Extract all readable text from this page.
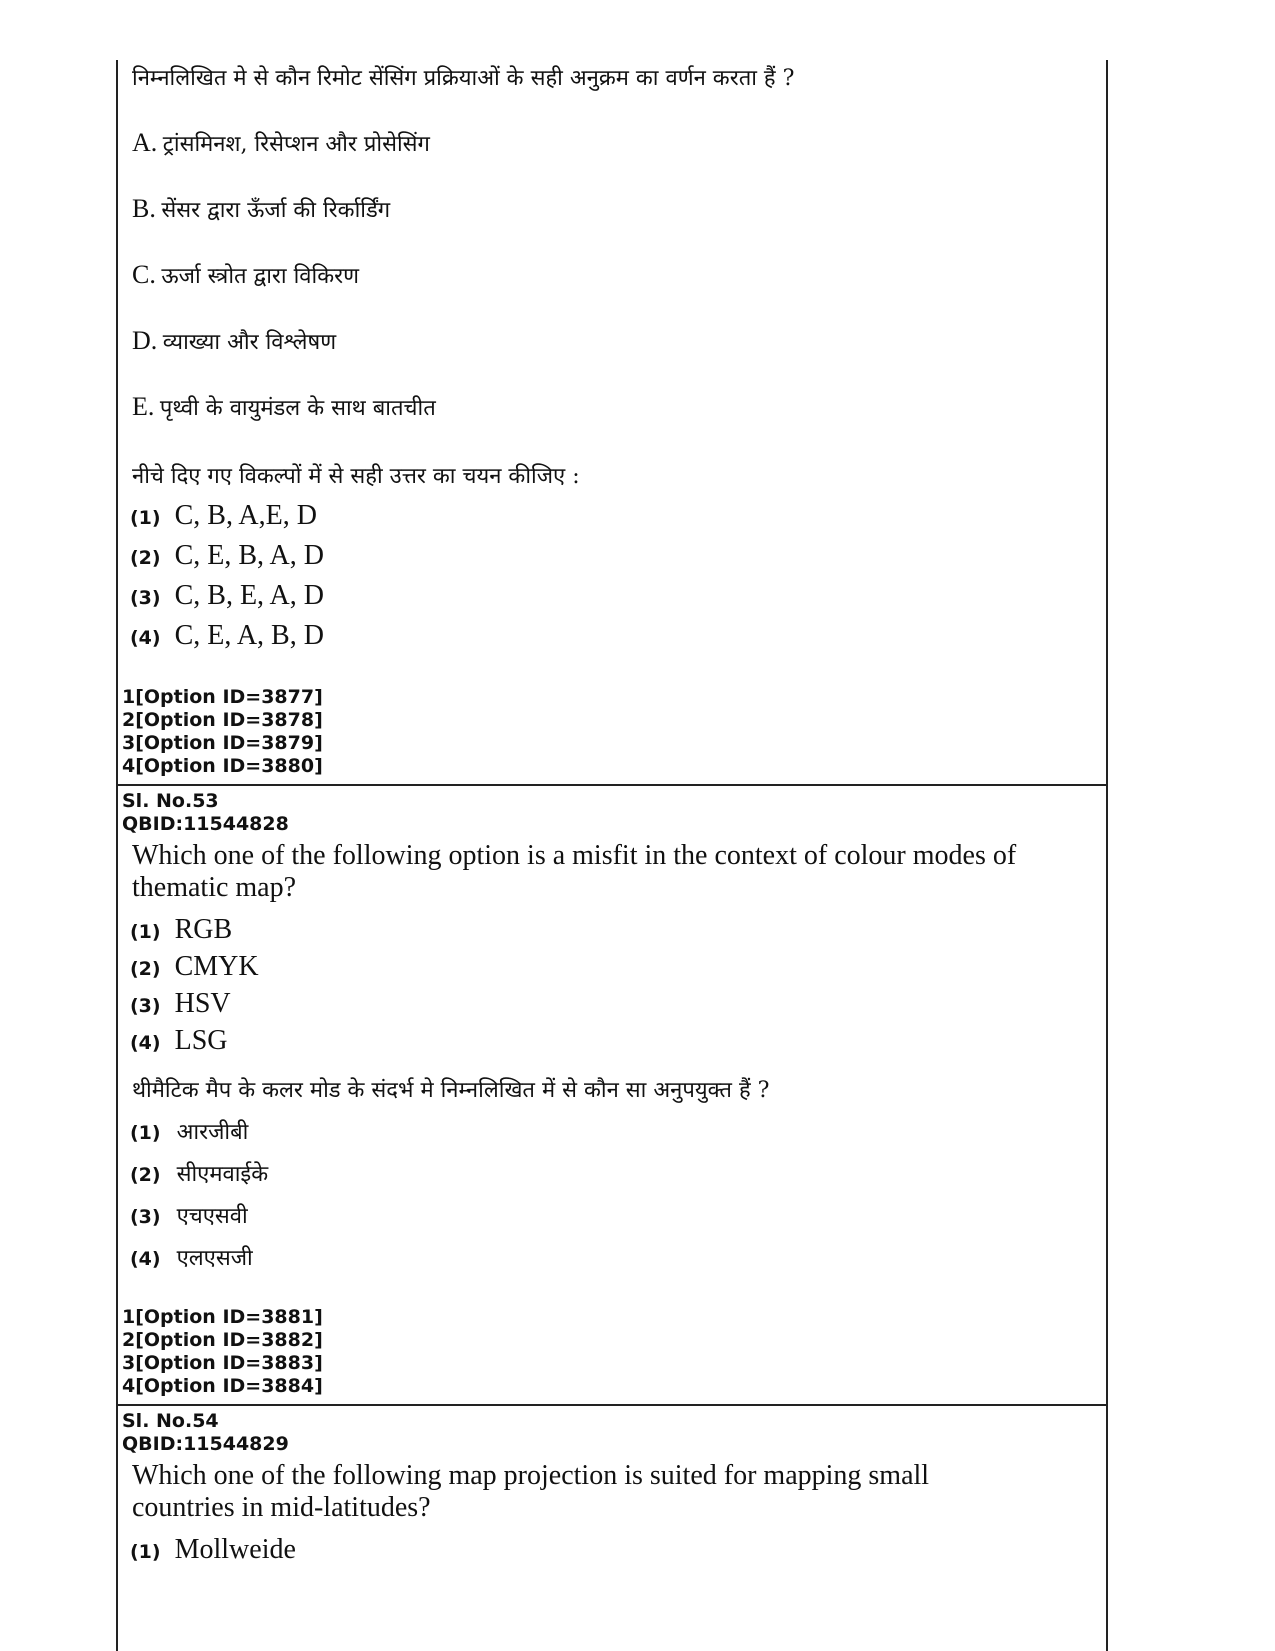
निम्नलिखित मे से कौन रिमोट सेंसिंग प्रक्रियाओं के सही अनुक्रम का वर्णन करता हैं ?
A. ट्रांसमिनश, रिसेप्शन और प्रोसेसिंग
B. सेंसर द्वारा ऊँर्जा की रिर्कार्डिंग
C. ऊर्जा स्त्रोत द्वारा विकिरण
D. व्याख्या और विश्लेषण
E. पृथ्वी के वायुमंडल के साथ बातचीत
नीचे दिए गए विकल्पों में से सही उत्तर का चयन कीजिए :
(1) C, B, A,E, D
(2) C, E, B, A, D
(3) C, B, E, A, D
(4) C, E, A, B, D
1[Option ID=3877]
2[Option ID=3878]
3[Option ID=3879]
4[Option ID=3880]
Sl. No.53
QBID:11544828
Which one of the following option is a misfit in the context of colour modes of thematic map?
(1) RGB
(2) CMYK
(3) HSV
(4) LSG
थीमैटिक मैप के कलर मोड के संदर्भ मे निम्नलिखित में से कौन सा अनुपयुक्त हैं ?
(1) आरजीबी
(2) सीएमवाईके
(3) एचएसवी
(4) एलएसजी
1[Option ID=3881]
2[Option ID=3882]
3[Option ID=3883]
4[Option ID=3884]
Sl. No.54
QBID:11544829
Which one of the following map projection is suited for mapping small countries in mid-latitudes?
(1) Mollweide
